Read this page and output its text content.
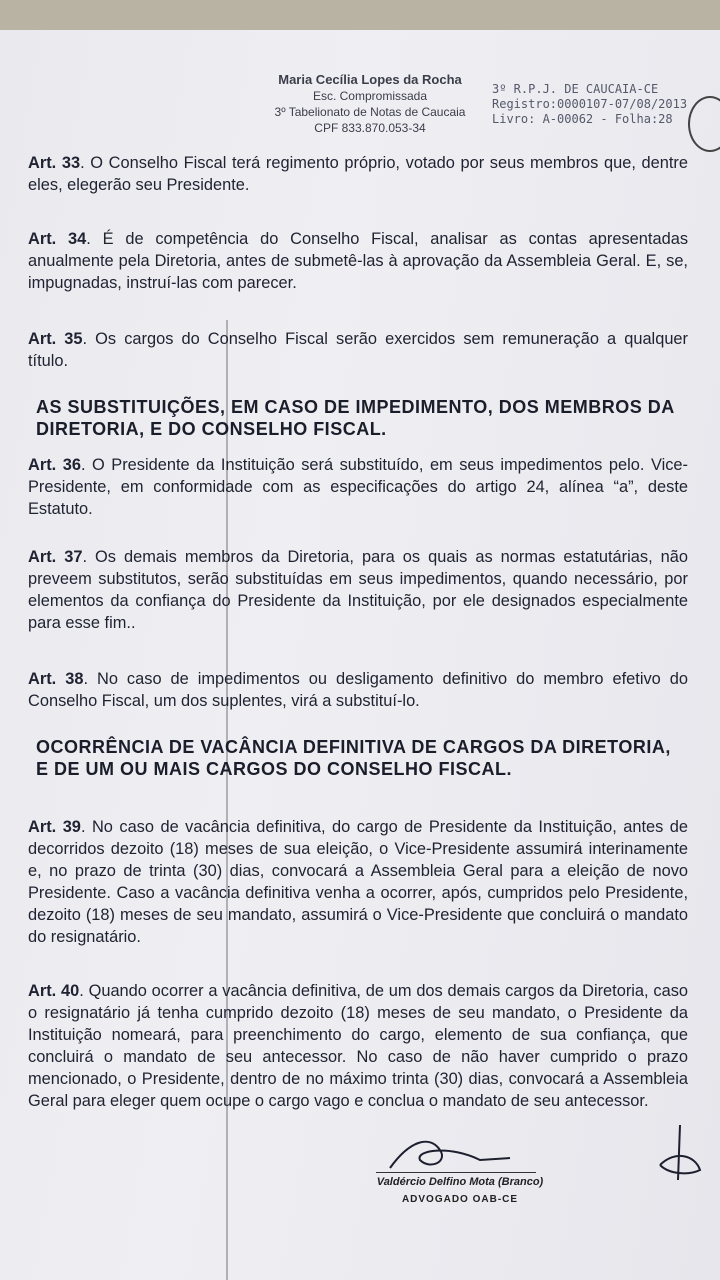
Maria Cecília Lopes da Rocha
Esc. Compromissada
3º Tabelionato de Notas de Caucaia
CPF 833.870.053-34
3º R.P.J. DE CAUCAIA-CE
Registro:0000107-07/08/2013
Livro: A-00062 - Folha:28
Art. 33. O Conselho Fiscal terá regimento próprio, votado por seus membros que, dentre eles, elegerão seu Presidente.
Art. 34. É de competência do Conselho Fiscal, analisar as contas apresentadas anualmente pela Diretoria, antes de submetê-las à aprovação da Assembleia Geral. E, se, impugnadas, instruí-las com parecer.
Art. 35. Os cargos do Conselho Fiscal serão exercidos sem remuneração a qualquer título.
AS SUBSTITUIÇÕES, EM CASO DE IMPEDIMENTO, DOS MEMBROS DA DIRETORIA, E DO CONSELHO FISCAL.
Art. 36. O Presidente da Instituição será substituído, em seus impedimentos pelo. Vice-Presidente, em conformidade com as especificações do artigo 24, alínea “a”, deste Estatuto.
Art. 37. Os demais membros da Diretoria, para os quais as normas estatutárias, não preveem substitutos, serão substituídas em seus impedimentos, quando necessário, por elementos da confiança do Presidente da Instituição, por ele designados especialmente para esse fim..
Art. 38. No caso de impedimentos ou desligamento definitivo do membro efetivo do Conselho Fiscal, um dos suplentes, virá a substituí-lo.
OCORRÊNCIA DE VACÂNCIA DEFINITIVA DE CARGOS DA DIRETORIA, E DE UM OU MAIS CARGOS DO CONSELHO FISCAL.
Art. 39. No caso de vacância definitiva, do cargo de Presidente da Instituição, antes de decorridos dezoito (18) meses de sua eleição, o Vice-Presidente assumirá interinamente e, no prazo de trinta (30) dias, convocará a Assembleia Geral para a eleição de novo Presidente. Caso a vacância definitiva venha a ocorrer, após, cumpridos pelo Presidente, dezoito (18) meses de seu mandato, assumirá o Vice-Presidente que concluirá o mandato do resignatário.
Art. 40. Quando ocorrer a vacância definitiva, de um dos demais cargos da Diretoria, caso o resignatário já tenha cumprido dezoito (18) meses de seu mandato, o Presidente da Instituição nomeará, para preenchimento do cargo, elemento de sua confiança, que concluirá o mandato de seu antecessor. No caso de não haver cumprido o prazo mencionado, o Presidente, dentro de no máximo trinta (30) dias, convocará a Assembleia Geral para eleger quem ocupe o cargo vago e conclua o mandato de seu antecessor.
Valdércio Delfino Mota (Branco)
ADVOGADO OAB-CE
